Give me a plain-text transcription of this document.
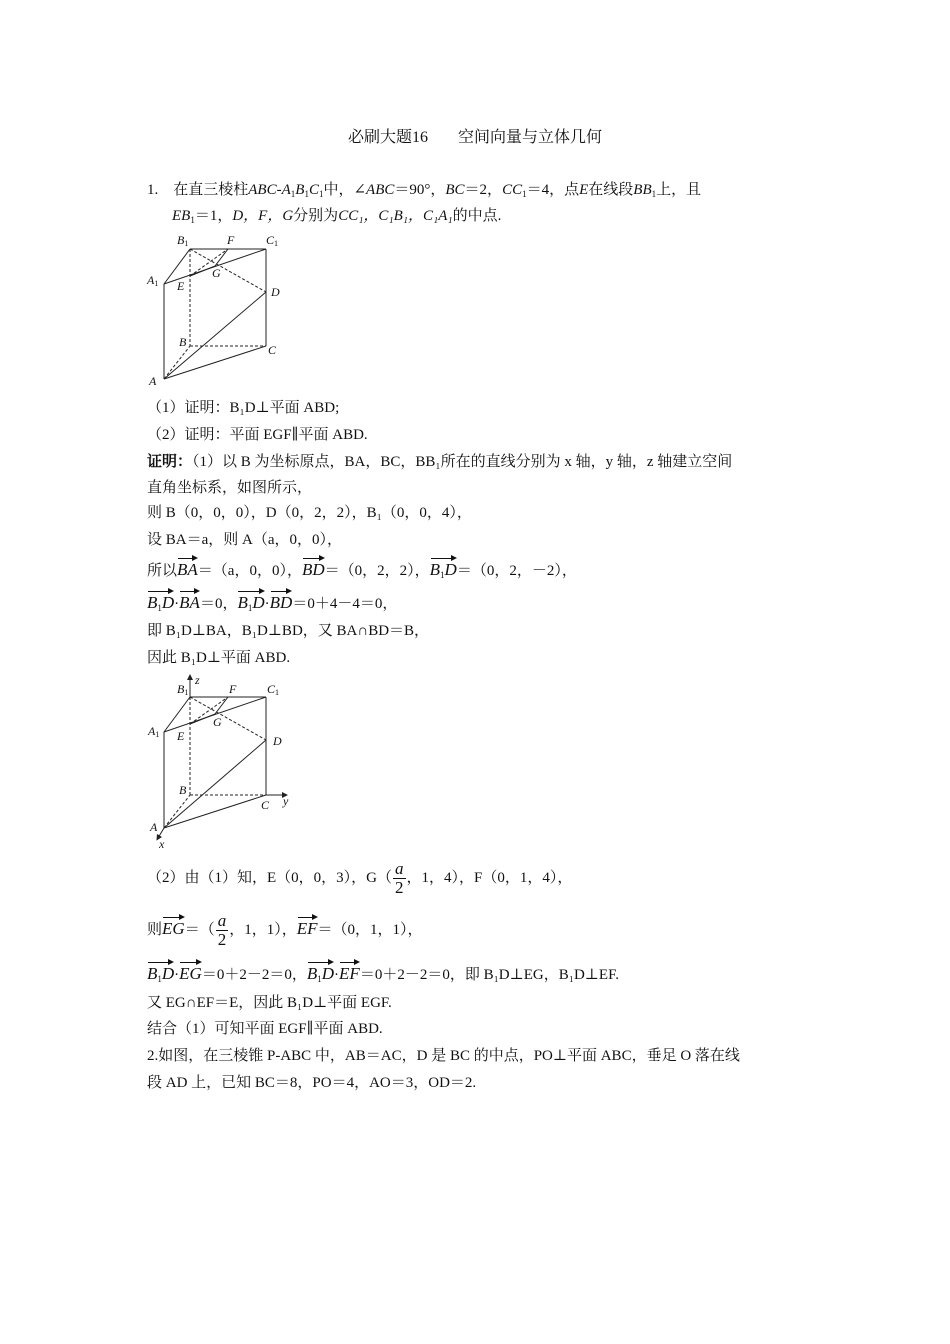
必刷大题16 空间向量与立体几何
1. 在直三棱柱ABC-$A_1B_1C_1$中，∠ABC＝90°，BC＝2，$CC_1=4$，点E在线段$BB_1$上，且
$EB_1=1$，D，F，G分别为CC₁，C₁B₁，C₁A₁的中点.
B1	F	C1
A1 E
G
D
B
C
A
（1）证明：B₁D⊥平面 ABD;
（2）证明：平面 EGF∥平面 ABD.
证明：（1）以 B 为坐标原点，BA，BC，BB₁所在的直线分别为 x 轴，y 轴，z 轴建立空间
直角坐标系，如图所示，
则 B（0，0，0），D（0，2，2），B₁（0，0，4），
设 BA＝a，则 A（a，0，0），
所以
BA＝（a，0，0），
BD＝（0，2，2），
$B_1D=(0$，2，－2），
$B_1D\cdot$
BA＝0，
$B_1D\cdot$
BD＝0＋4－4＝0，
即 B₁D⊥BA，B₁D⊥BD，又 BA∩BD＝B，
因此 B₁D⊥平面 ABD.
z
B1	F	C1
A1 E
G
D
B
C y
A
x
（2）由（1）知，E（0，0，3），$G( \frac{a}{2}$ ，1，4），F（0，1，4），
则
$EG=( \frac{a}{2}$ ，1，1），
EF＝（0，1，1），
$B_1D\cdot$
EG＝0＋2－2＝0，
$B_1D\cdot$
EF＝0＋2－2＝0，即 B₁D⊥EG，B₁D⊥EF.
又 EG∩EF＝E，因此 B₁D⊥平面 EGF.
结合（1）可知平面 EGF∥平面 ABD.
2.如图，在三棱锥 P-ABC 中，AB＝AC，D 是 BC 的中点，PO⊥平面 ABC，垂足 O 落在线
段 AD 上，已知 BC＝8，PO＝4，AO＝3，OD＝2.
